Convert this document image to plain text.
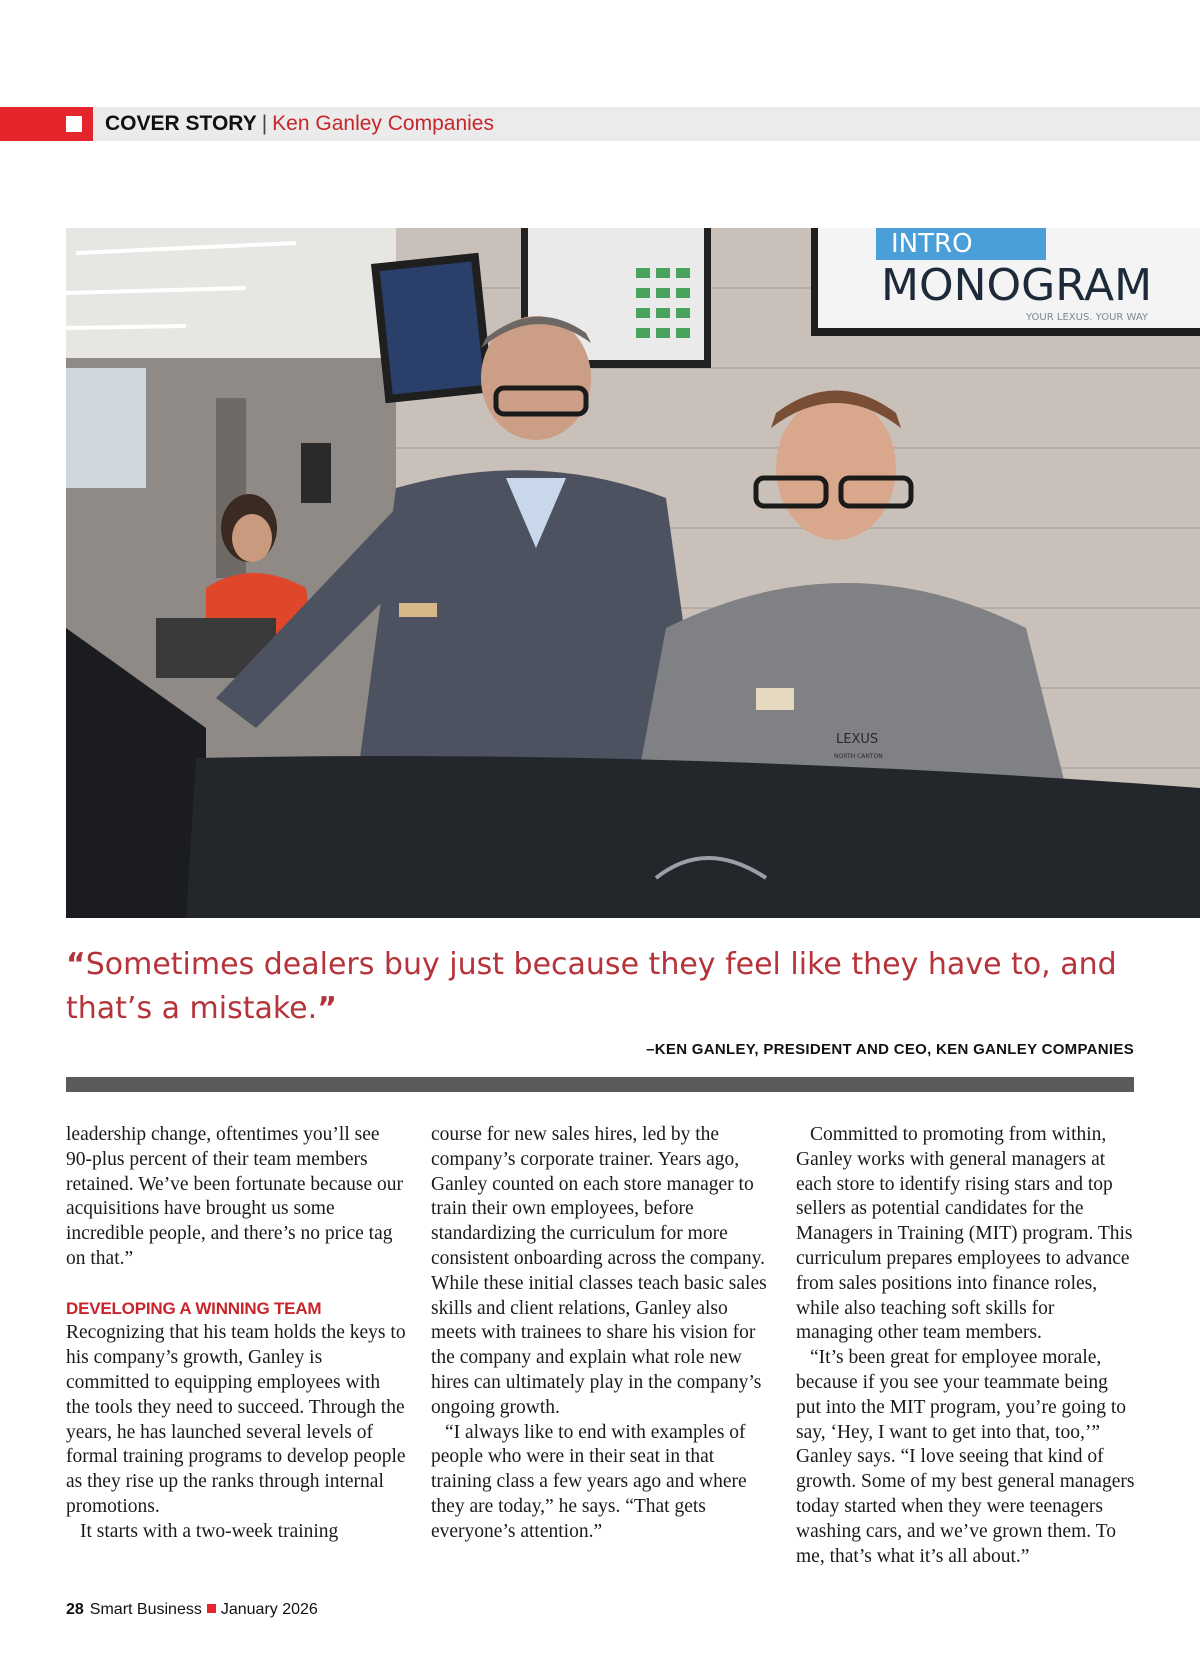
COVER STORY | Ken Ganley Companies
INTRO
MONOGRAM
YOUR LEXUS. YOUR WAY
LEXUS
NORTH CANTON

“Sometimes dealers buy just because they feel like they have to, and that’s a mistake.”

–KEN GANLEY, PRESIDENT AND CEO, KEN GANLEY COMPANIES

leadership change, oftentimes you’ll see 90-plus percent of their team members retained. We’ve been fortunate because our acquisitions have brought us some incredible people, and there’s no price tag on that.”

DEVELOPING A WINNING TEAM

Recognizing that his team holds the keys to his company’s growth, Ganley is committed to equipping employees with the tools they need to succeed. Through the years, he has launched several levels of formal training programs to develop people as they rise up the ranks through internal promotions.

It starts with a two-week training

course for new sales hires, led by the company’s corporate trainer. Years ago, Ganley counted on each store manager to train their own employees, before standardizing the curriculum for more consistent onboarding across the company. While these initial classes teach basic sales skills and client relations, Ganley also meets with trainees to share his vision for the company and explain what role new hires can ultimately play in the company’s ongoing growth.

“I always like to end with examples of people who were in their seat in that training class a few years ago and where they are today,” he says. “That gets everyone’s attention.”

Committed to promoting from within, Ganley works with general managers at each store to identify rising stars and top sellers as potential candidates for the Managers in Training (MIT) program. This curriculum prepares employees to advance from sales positions into finance roles, while also teaching soft skills for managing other team members.

“It’s been great for employee morale, because if you see your teammate being put into the MIT program, you’re going to say, ‘Hey, I want to get into that, too,’” Ganley says. “I love seeing that kind of growth. Some of my best general managers today started when they were teenagers washing cars, and we’ve grown them. To me, that’s what it’s all about.”

28 Smart Business January 2026
